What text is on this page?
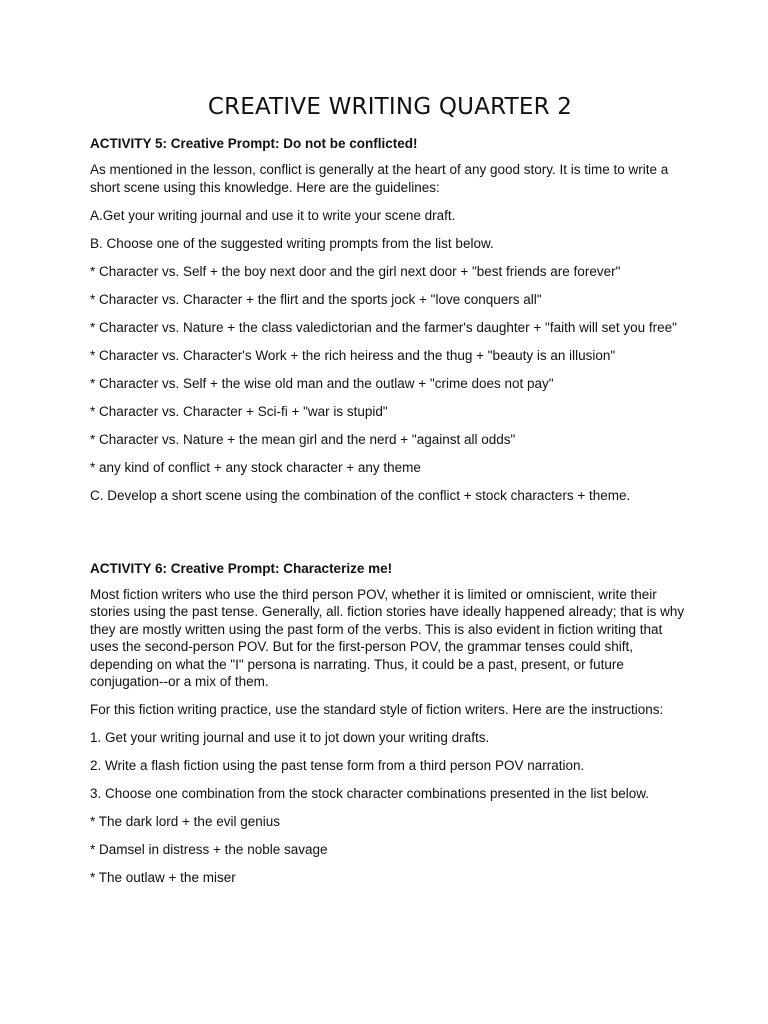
CREATIVE WRITING QUARTER 2
ACTIVITY 5: Creative Prompt: Do not be conflicted!

As mentioned in the lesson, conflict is generally at the heart of any good story. It is time to write a short scene using this knowledge. Here are the guidelines:

A.Get your writing journal and use it to write your scene draft.

B. Choose one of the suggested writing prompts from the list below.

* Character vs. Self + the boy next door and the girl next door + "best friends are forever"

* Character vs. Character + the flirt and the sports jock + "love conquers all"

* Character vs. Nature + the class valedictorian and the farmer's daughter + "faith will set you free"

* Character vs. Character's Work + the rich heiress and the thug + "beauty is an illusion"

* Character vs. Self + the wise old man and the outlaw + "crime does not pay"

* Character vs. Character + Sci-fi + "war is stupid"

* Character vs. Nature + the mean girl and the nerd + "against all odds"

* any kind of conflict + any stock character + any theme

C. Develop a short scene using the combination of the conflict + stock characters + theme.

ACTIVITY 6: Creative Prompt: Characterize me!

Most fiction writers who use the third person POV, whether it is limited or omniscient, write their stories using the past tense. Generally, all. fiction stories have ideally happened already; that is why they are mostly written using the past form of the verbs. This is also evident in fiction writing that uses the second-person POV. But for the first-person POV, the grammar tenses could shift, depending on what the "I" persona is narrating. Thus, it could be a past, present, or future conjugation--or a mix of them.

For this fiction writing practice, use the standard style of fiction writers. Here are the instructions:

1. Get your writing journal and use it to jot down your writing drafts.

2. Write a flash fiction using the past tense form from a third person POV narration.

3. Choose one combination from the stock character combinations presented in the list below.

* The dark lord + the evil genius

* Damsel in distress + the noble savage

* The outlaw + the miser
